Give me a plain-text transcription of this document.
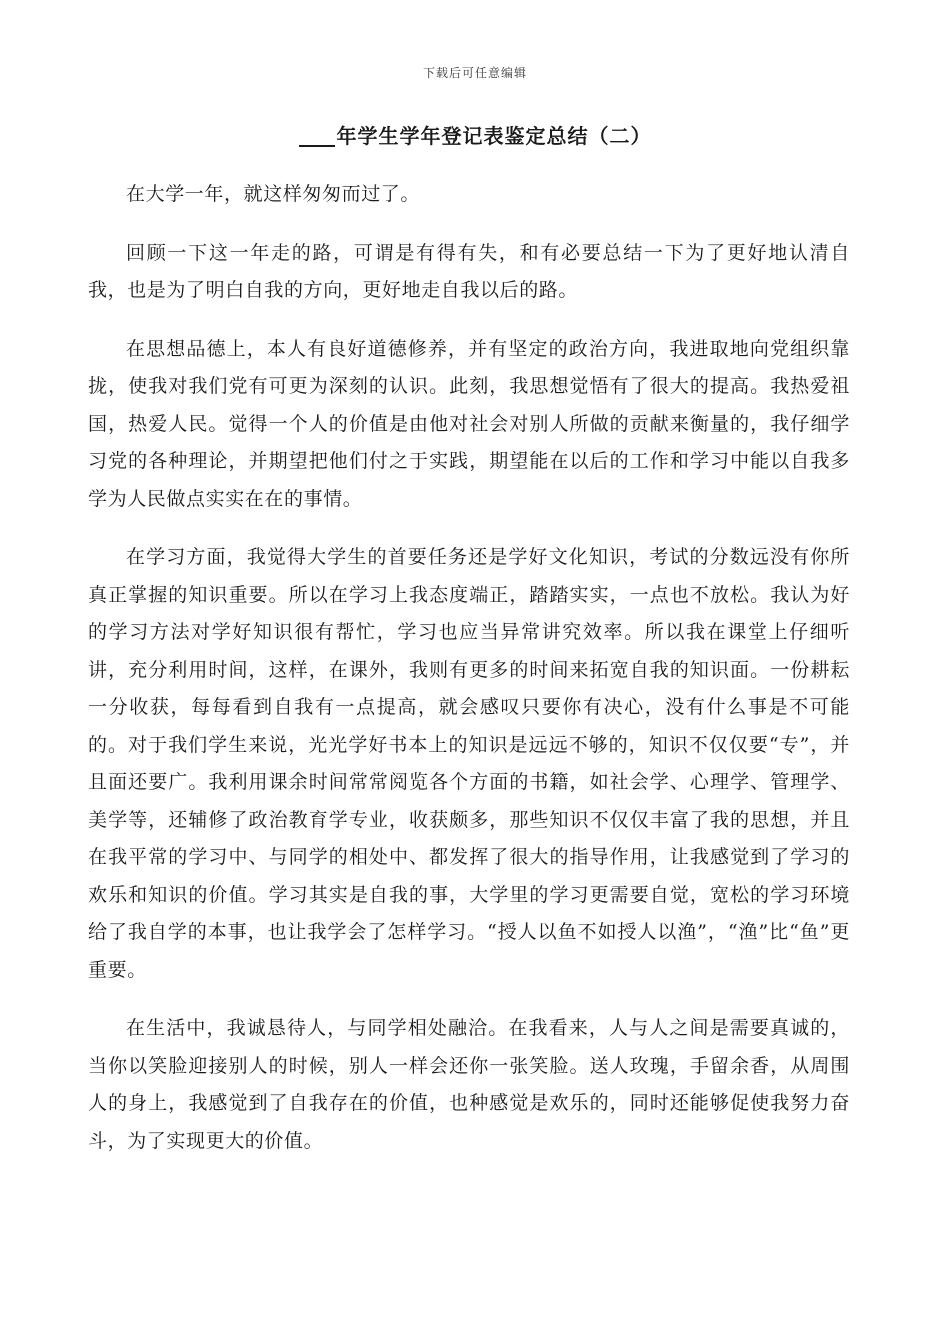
下载后可任意编辑
年学生学年登记表鉴定总结（二）

在大学一年，就这样匆匆而过了。

回顾一下这一年走的路，可谓是有得有失，和有必要总结一下为了更好地认清自我，也是为了明白自我的方向，更好地走自我以后的路。

在思想品德上，本人有良好道德修养，并有坚定的政治方向，我进取地向党组织靠拢，使我对我们党有可更为深刻的认识。此刻，我思想觉悟有了很大的提高。我热爱祖国，热爱人民。觉得一个人的价值是由他对社会对别人所做的贡献来衡量的，我仔细学习党的各种理论，并期望把他们付之于实践，期望能在以后的工作和学习中能以自我多学为人民做点实实在在的事情。

在学习方面，我觉得大学生的首要任务还是学好文化知识，考试的分数远没有你所真正掌握的知识重要。所以在学习上我态度端正，踏踏实实，一点也不放松。我认为好的学习方法对学好知识很有帮忙，学习也应当异常讲究效率。所以我在课堂上仔细听讲，充分利用时间，这样，在课外，我则有更多的时间来拓宽自我的知识面。一份耕耘一分收获，每每看到自我有一点提高，就会感叹只要你有决心，没有什么事是不可能的。对于我们学生来说，光光学好书本上的知识是远远不够的，知识不仅仅要“专”，并且面还要广。我利用课余时间常常阅览各个方面的书籍，如社会学、心理学、管理学、美学等，还辅修了政治教育学专业，收获颇多，那些知识不仅仅丰富了我的思想，并且在我平常的学习中、与同学的相处中、都发挥了很大的指导作用，让我感觉到了学习的欢乐和知识的价值。学习其实是自我的事，大学里的学习更需要自觉，宽松的学习环境给了我自学的本事，也让我学会了怎样学习。“授人以鱼不如授人以渔”，“渔”比“鱼”更重要。

在生活中，我诚恳待人，与同学相处融洽。在我看来，人与人之间是需要真诚的，当你以笑脸迎接别人的时候，别人一样会还你一张笑脸。送人玫瑰，手留余香，从周围人的身上，我感觉到了自我存在的价值，也种感觉是欢乐的，同时还能够促使我努力奋斗，为了实现更大的价值。
